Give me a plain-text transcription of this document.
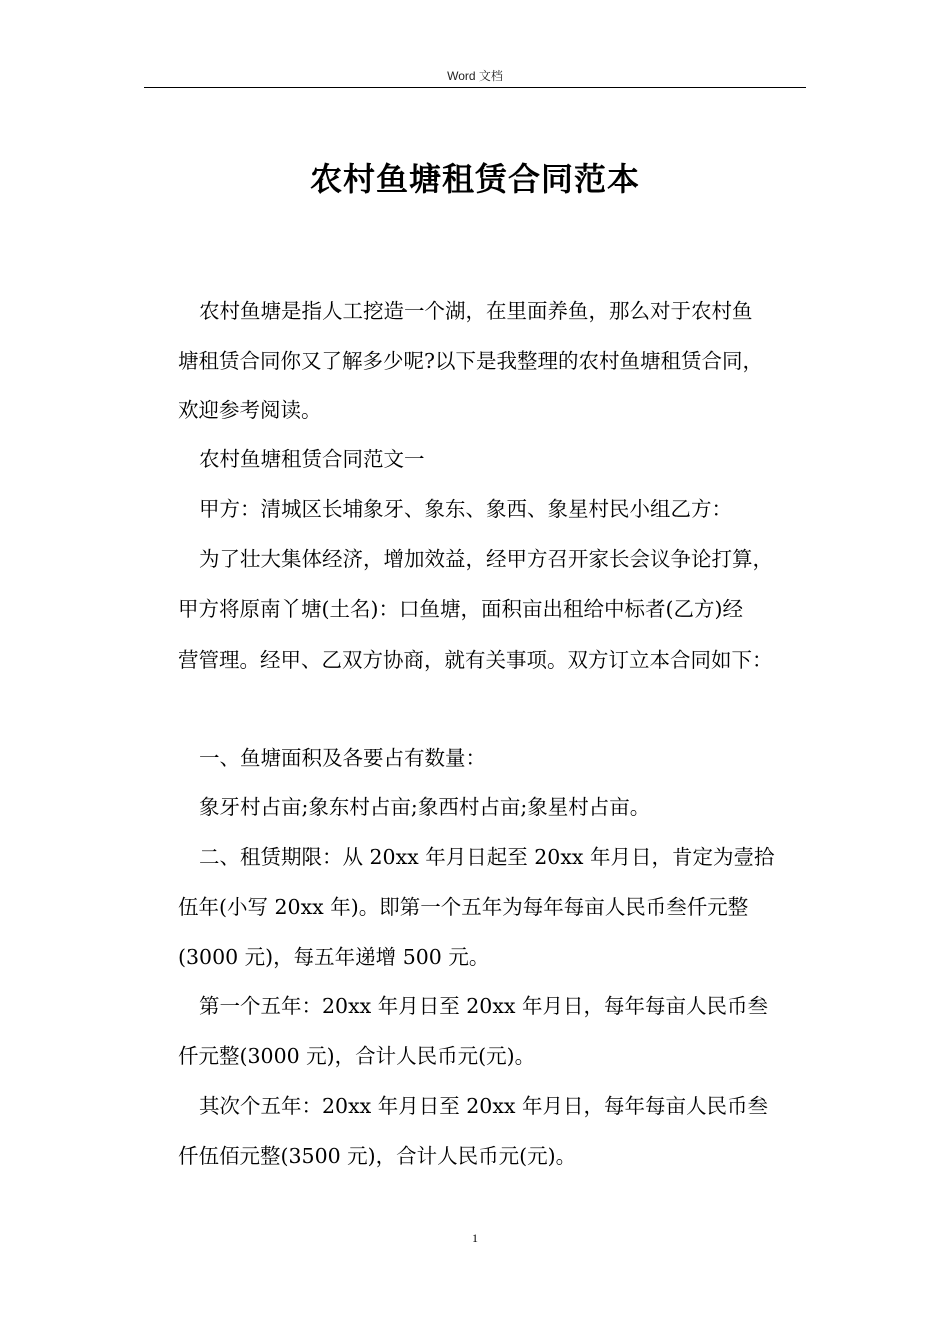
Word 文档
农村鱼塘租赁合同范本
农村鱼塘是指人工挖造一个湖，在里面养鱼，那么对于农村鱼
塘租赁合同你又了解多少呢?以下是我整理的农村鱼塘租赁合同，
欢迎参考阅读。
农村鱼塘租赁合同范文一
甲方：清城区长埔象牙、象东、象西、象星村民小组乙方：
为了壮大集体经济，增加效益，经甲方召开家长会议争论打算，
甲方将原南丫塘(土名)：口鱼塘，面积亩出租给中标者(乙方)经
营管理。经甲、乙双方协商，就有关事项。双方订立本合同如下：
一、鱼塘面积及各要占有数量：
象牙村占亩;象东村占亩;象西村占亩;象星村占亩。
二、租赁期限：从 20xx 年月日起至 20xx 年月日，肯定为壹拾
伍年(小写 20xx 年)。即第一个五年为每年每亩人民币叁仟元整
(3000 元)，每五年递增 500 元。
第一个五年：20xx 年月日至 20xx 年月日，每年每亩人民币叁
仟元整(3000 元)，合计人民币元(元)。
其次个五年：20xx 年月日至 20xx 年月日，每年每亩人民币叁
仟伍佰元整(3500 元)，合计人民币元(元)。
1
